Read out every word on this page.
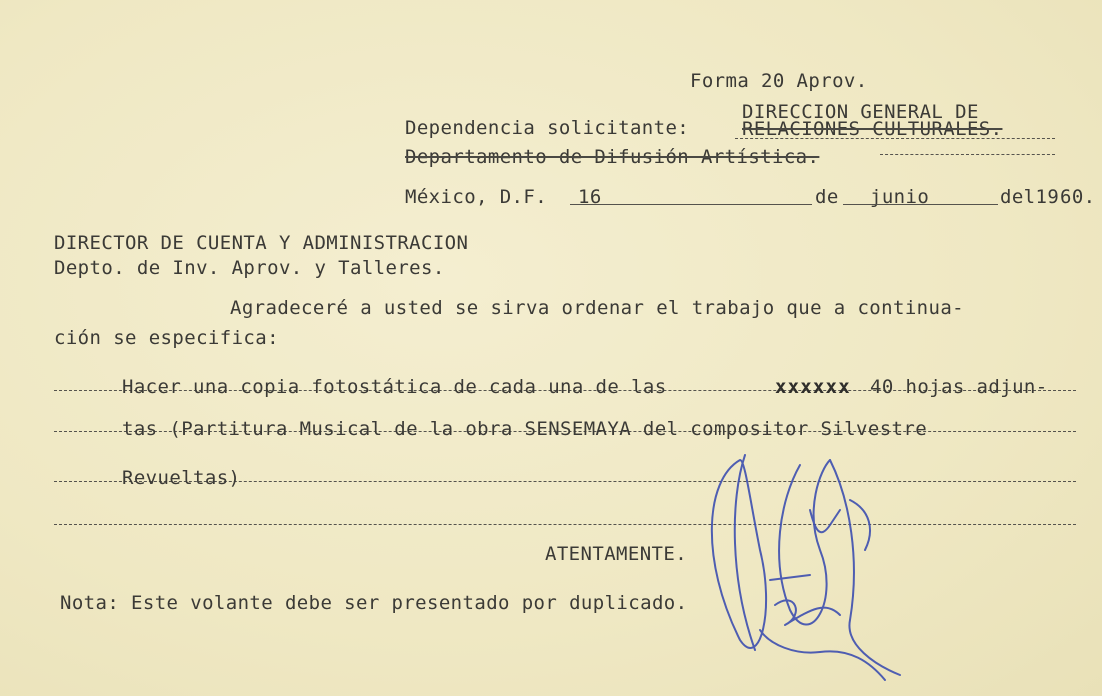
Forma 20 Aprov.
Dependencia solicitante:
DIRECCION GENERAL DE
RELACIONES CULTURALES.
Departamento de Difusión Artística.
México, D.F. 16	de junio	del19 60.
DIRECTOR DE CUENTA Y ADMINISTRACION
Depto. de Inv. Aprov. y Talleres.
Agradeceré a usted se sirva ordenar el trabajo que a continua-
ción se especifica:
Hacer una copia fotostática de cada una de las	xxxxxx 40 hojas adjun-
tas (Partitura Musical de la obra SENSEMAYA del compositor Silvestre
Revueltas)
ATENTAMENTE.
Nota: Este volante debe ser presentado por duplicado.
